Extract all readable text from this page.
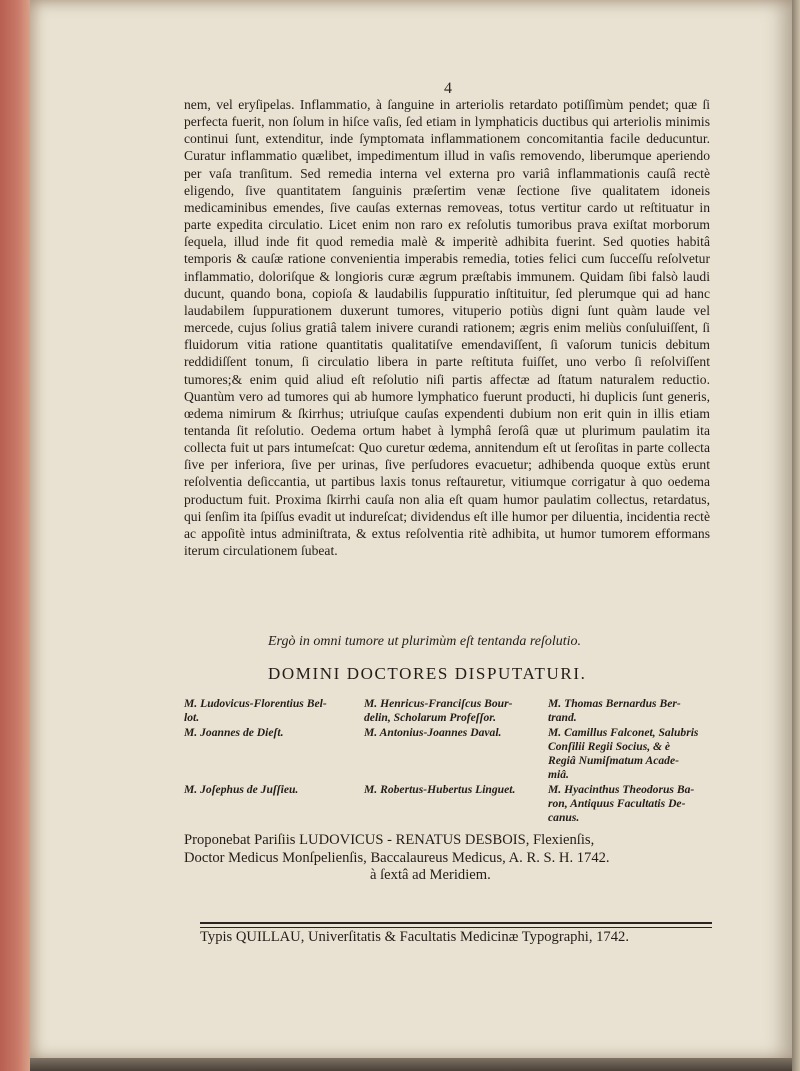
4

nem, vel eryſipelas. Inflammatio, à ſanguine in arteriolis retardato potiſſimùm pendet; quæ ſi perfecta fuerit, non ſolum in hiſce vaſis, ſed etiam in lymphaticis ductibus qui arteriolis minimis continui ſunt, extenditur, inde ſymptomata inflammationem concomitantia facile deducuntur. Curatur inflammatio quælibet, impedimentum illud in vaſis removendo, liberumque aperiendo per vaſa tranſitum. Sed remedia interna vel externa pro variâ inflammationis cauſâ rectè eligendo, ſive quantitatem ſanguinis præſertim venæ ſectione ſive qualitatem idoneis medicaminibus emendes, ſive cauſas externas removeas, totus vertitur cardo ut reſtituatur in parte expedita circulatio. Licet enim non raro ex reſolutis tumoribus prava exiſtat morborum ſequela, illud inde fit quod remedia malè & imperitè adhibita fuerint. Sed quoties habitâ temporis & cauſæ ratione convenientia imperabis remedia, toties felici cum ſucceſſu reſolvetur inflammatio, doloriſque & longioris curæ ægrum præſtabis immunem. Quidam ſibi falsò laudi ducunt, quando bona, copioſa & laudabilis ſuppuratio inſtituitur, ſed plerumque qui ad hanc laudabilem ſuppurationem duxerunt tumores, vituperio potiùs digni ſunt quàm laude vel mercede, cujus ſolius gratiâ talem inivere curandi rationem; ægris enim meliùs conſuluiſſent, ſi fluidorum vitia ratione quantitatis qualitatiſve emendaviſſent, ſi vaſorum tunicis debitum reddidiſſent tonum, ſi circulatio libera in parte reſtituta fuiſſet, uno verbo ſi reſolviſſent tumores;& enim quid aliud eſt reſolutio niſi partis affectæ ad ſtatum naturalem reductio. Quantùm vero ad tumores qui ab humore lymphatico fuerunt producti, hi duplicis ſunt generis, œdema nimirum & ſkirrhus; utriuſque cauſas expendenti dubium non erit quin in illis etiam tentanda ſit reſolutio. Oedema ortum habet à lymphâ ſeroſâ quæ ut plurimum paulatim ita collecta fuit ut pars intumeſcat: Quo curetur œdema, annitendum eſt ut ſeroſitas in parte collecta ſive per inferiora, ſive per urinas, ſive perſudores evacuetur; adhibenda quoque extùs erunt reſolventia deſiccantia, ut partibus laxis tonus reſtauretur, vitiumque corrigatur à quo oedema productum fuit. Proxima ſkirrhi cauſa non alia eſt quam humor paulatim collectus, retardatus, qui ſenſim ita ſpiſſus evadit ut indureſcat; dividendus eſt ille humor per diluentia, incidentia rectè ac appoſitè intus adminiſtrata, & extus reſolventia ritè adhibita, ut humor tumorem efformans iterum circulationem ſubeat.

Ergò in omni tumore ut plurimùm eſt tentanda reſolutio.
DOMINI DOCTORES DISPUTATURI.
M. Ludovicus-Florentius Bel-
lot.
M. Joannes de Dieſt.

M. Joſephus de Juſſieu.
M. Henricus-Franciſcus Bour-
delin, Scholarum Profeſſor.
M. Antonius-Joannes Daval.

M. Robertus-Hubertus Linguet.
M. Thomas Bernardus Ber-
trand.
M. Camillus Falconet, Salubris
Conſilii Regii Socius, & è
Regiâ Numiſmatum Acade-
miâ.
M. Hyacinthus Theodorus Ba-
ron, Antiquus Facultatis De-
canus.
Proponebat Pariſiis LUDOVICUS - RENATUS DESBOIS, Flexienſis,
Doctor Medicus Monſpelienſis, Baccalaureus Medicus, A. R. S. H. 1742.
à ſextâ ad Meridiem.
Typis QUILLAU, Univerſitatis & Facultatis Medicinæ Typographi, 1742.
